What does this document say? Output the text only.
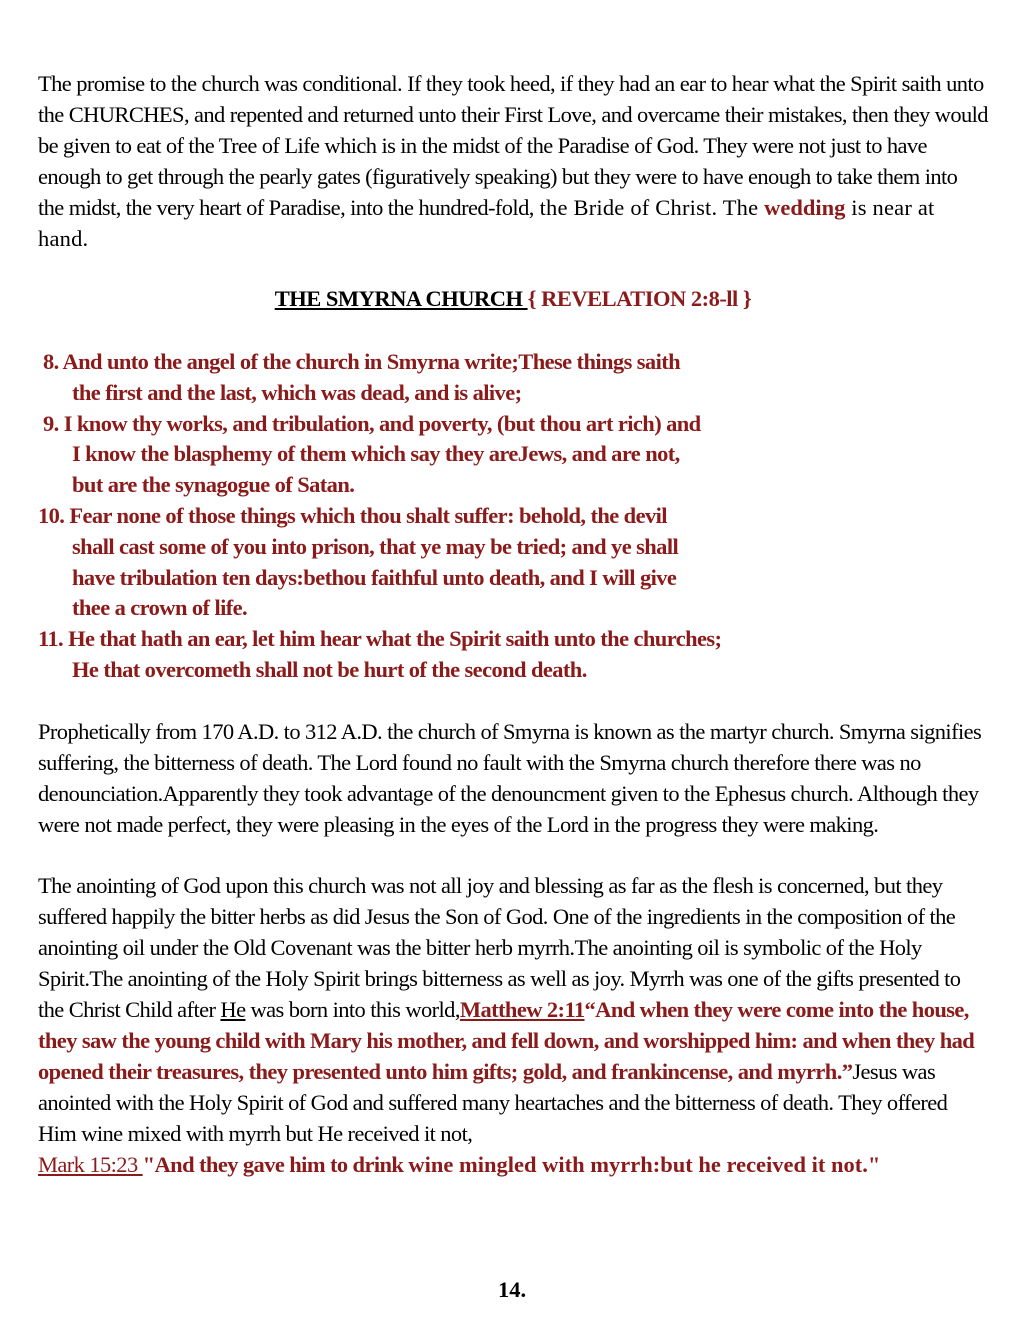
The promise to the church was conditional. If they took heed, if they had an ear to hear what the Spirit saith unto the CHURCHES, and repented and returned unto their First Love, and overcame their mistakes, then they would be given to eat of the Tree of Life which is in the midst of the Paradise of God. They were not just to have enough to get through the pearly gates (figuratively speaking) but they were to have enough to take them into the midst, the very heart of Paradise, into the hundred-fold, the Bride of Christ. The wedding is near at hand.

THE SMYRNA CHURCH { REVELATION 2:8-ll }
8. And unto the angel of the church in Smyrna write;These things saith
the first and the last, which was dead, and is alive;
9. I know thy works, and tribulation, and poverty, (but thou art rich) and
I know the blasphemy of them which say they areJews, and are not,
but are the synagogue of Satan.
10. Fear none of those things which thou shalt suffer: behold, the devil
shall cast some of you into prison, that ye may be tried; and ye shall
have tribulation ten days:bethou faithful unto death, and I will give
thee a crown of life.
11. He that hath an ear, let him hear what the Spirit saith unto the churches;
He that overcometh shall not be hurt of the second death.

Prophetically from 170 A.D. to 312 A.D. the church of Smyrna is known as the martyr church. Smyrna signifies suffering, the bitterness of death. The Lord found no fault with the Smyrna church therefore there was no denounciation.Apparently they took advantage of the denouncment given to the Ephesus church. Although they were not made perfect, they were pleasing in the eyes of the Lord in the progress they were making.

The anointing of God upon this church was not all joy and blessing as far as the flesh is concerned, but they suffered happily the bitter herbs as did Jesus the Son of God. One of the ingredients in the composition of the anointing oil under the Old Covenant was the bitter herb myrrh.The anointing oil is symbolic of the Holy Spirit.The anointing of the Holy Spirit brings bitterness as well as joy. Myrrh was one of the gifts presented to the Christ Child after He was born into this world,Matthew 2:11“And when they were come into the house, they saw the young child with Mary his mother, and fell down, and worshipped him: and when they had opened their treasures, they presented unto him gifts; gold, and frankincense, and myrrh.”Jesus was anointed with the Holy Spirit of God and suffered many heartaches and the bitterness of death. They offered Him wine mixed with myrrh but He received it not,
Mark 15:23 "And they gave him to drink wine mingled with myrrh:but he received it not."

14.
